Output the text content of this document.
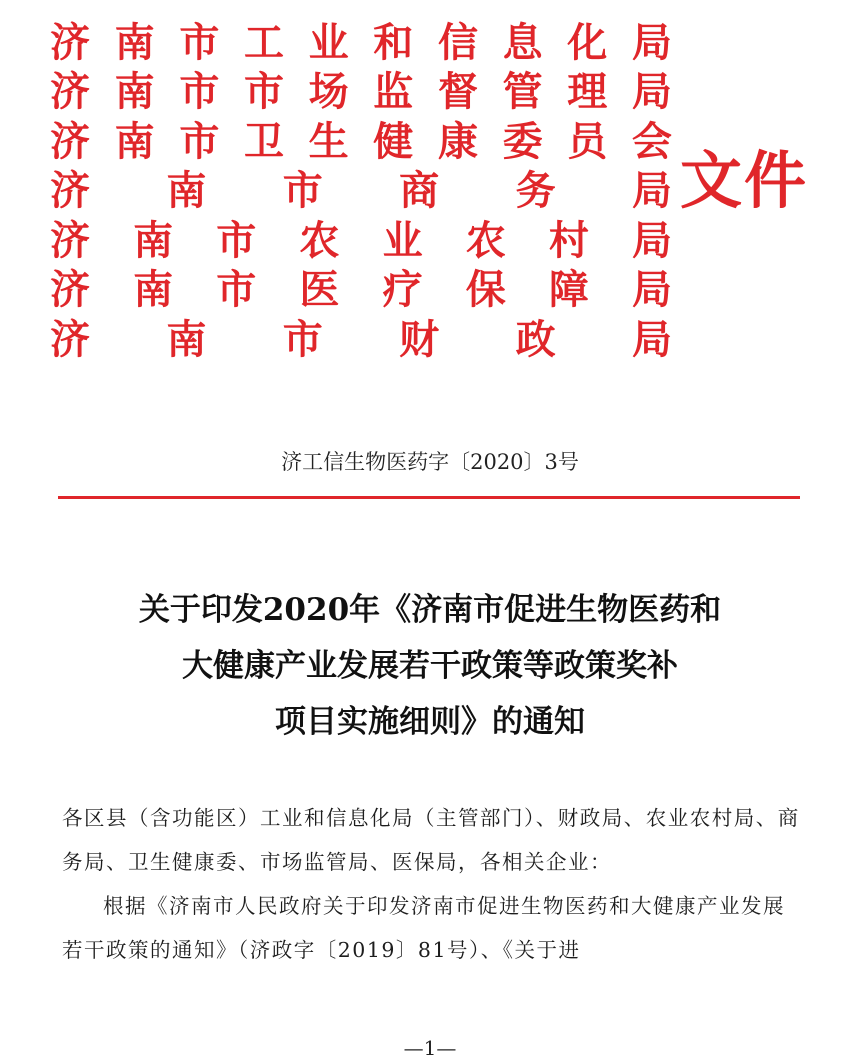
济 南 市 工 业 和 信 息 化 局
济 南 市 市 场 监 督 管 理 局
济 南 市 卫 生 健 康 委 员 会
济 南 市 商 务 局
济 南 市 农 业 农 村 局
济 南 市 医 疗 保 障 局
济 南 市 财 政 局
文件
济工信生物医药字〔2020〕3号
关于印发2020年《济南市促进生物医药和
大健康产业发展若干政策等政策奖补
项目实施细则》的通知

各区县（含功能区）工业和信息化局（主管部门）、财政局、农业农村局、商务局、卫生健康委、市场监管局、医保局，各相关企业：

根据《济南市人民政府关于印发济南市促进生物医药和大健康产业发展若干政策的通知》（济政字〔2019〕81号）、《关于进

—1—
